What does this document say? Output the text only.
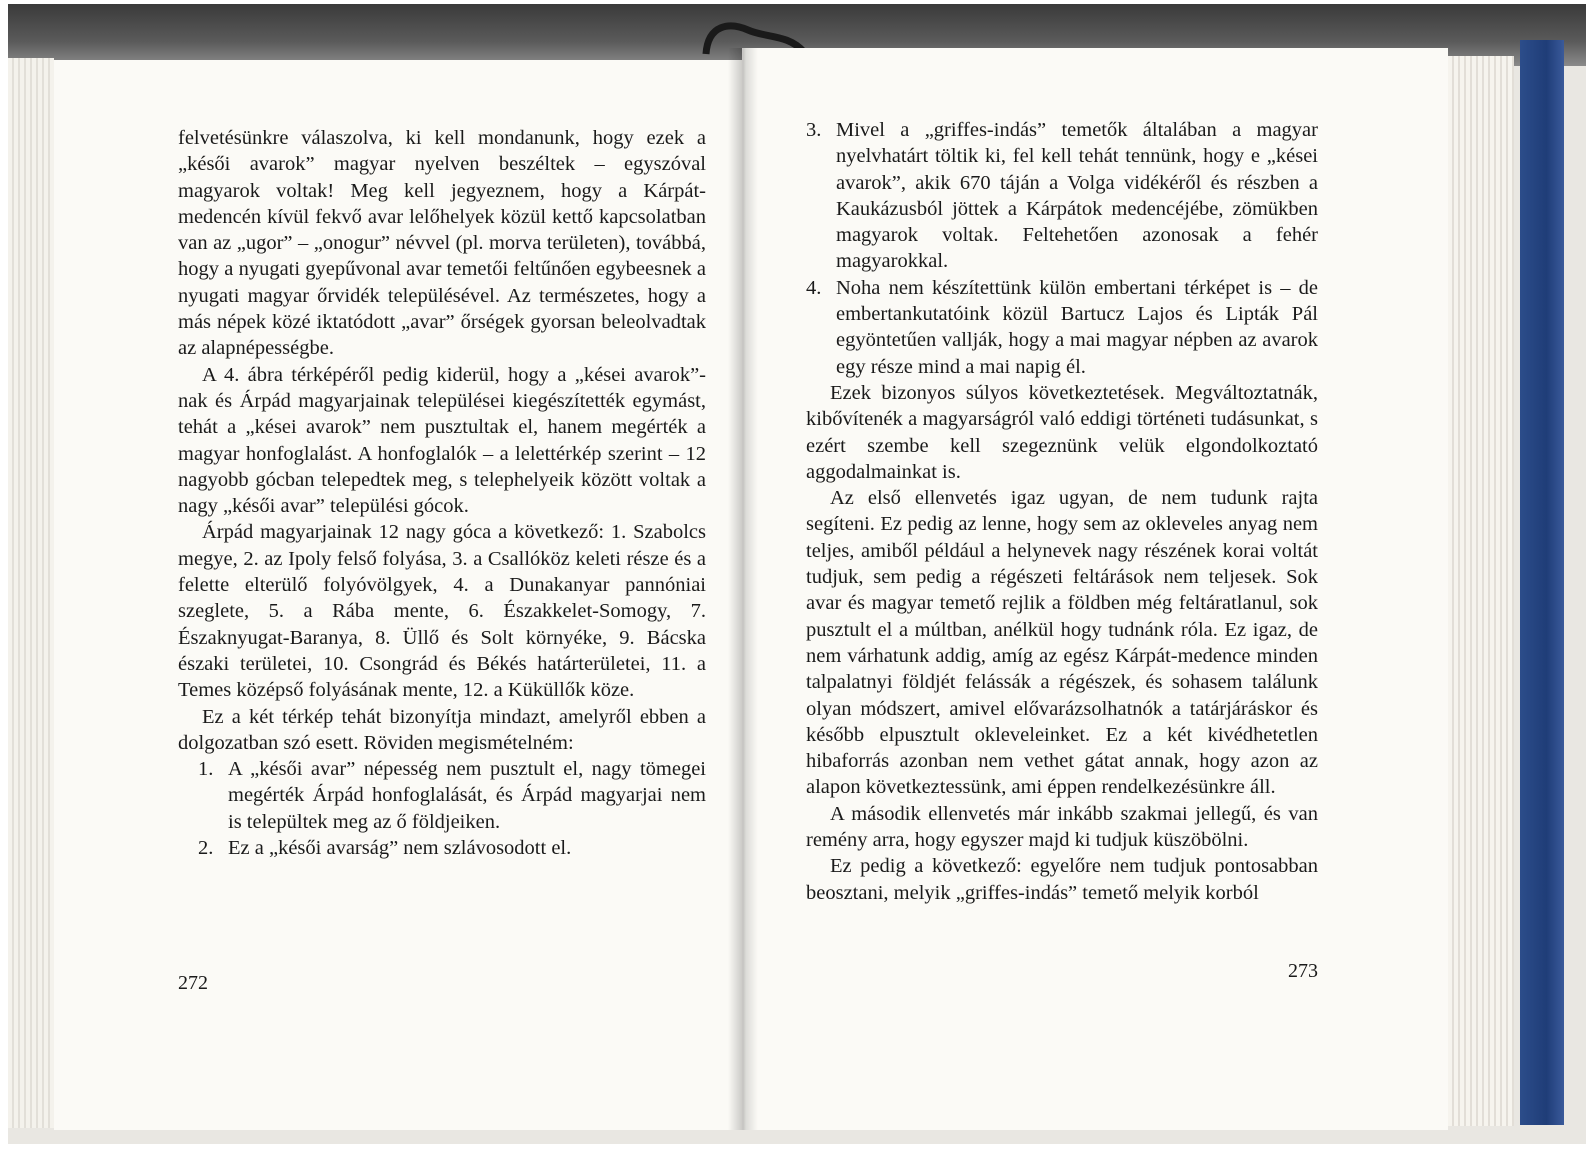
felvetésünkre válaszolva, ki kell mondanunk, hogy ezek a „késői avarok” magyar nyelven beszéltek – egyszóval magyarok voltak! Meg kell jegyeznem, hogy a Kárpát-medencén kívül fekvő avar lelőhelyek közül kettő kapcsolatban van az „ugor” – „onogur” névvel (pl. morva területen), továbbá, hogy a nyugati gyepűvonal avar temetői feltűnően egybeesnek a nyugati magyar őrvidék településével. Az természetes, hogy a más népek közé iktatódott „avar” őrségek gyorsan beleolvadtak az alapnépességbe.

A 4. ábra térképéről pedig kiderül, hogy a „kései avarok”-nak és Árpád magyarjainak települései kiegészítették egymást, tehát a „kései avarok” nem pusztultak el, hanem megérték a magyar honfoglalást. A honfoglalók – a lelettérkép szerint – 12 nagyobb gócban telepedtek meg, s telephelyeik között voltak a nagy „késői avar” települési gócok.

Árpád magyarjainak 12 nagy góca a következő: 1. Szabolcs megye, 2. az Ipoly felső folyása, 3. a Csallóköz keleti része és a felette elterülő folyóvölgyek, 4. a Dunakanyar pannóniai szeglete, 5. a Rába mente, 6. Északkelet-Somogy, 7. Északnyugat-Baranya, 8. Üllő és Solt környéke, 9. Bácska északi területei, 10. Csongrád és Békés határterületei, 11. a Temes középső folyásának mente, 12. a Küküllők köze.

Ez a két térkép tehát bizonyítja mindazt, amelyről ebben a dolgozatban szó esett. Röviden megismételném:

1. A „késői avar” népesség nem pusztult el, nagy tömegei megérték Árpád honfoglalását, és Árpád magyarjai nem is települtek meg az ő földjeiken.
2. Ez a „késői avarság” nem szlávosodott el.
272
3. Mivel a „griffes-indás” temetők általában a magyar nyelvhatárt töltik ki, fel kell tehát tennünk, hogy e „kései avarok”, akik 670 táján a Volga vidékéről és részben a Kaukázusból jöttek a Kárpátok medencéjébe, zömükben magyarok voltak. Feltehetően azonosak a fehér magyarokkal.
4. Noha nem készítettünk külön embertani térképet is – de embertankutatóink közül Bartucz Lajos és Lipták Pál egyöntetűen vallják, hogy a mai magyar népben az avarok egy része mind a mai napig él.

Ezek bizonyos súlyos következtetések. Megváltoztatnák, kibővítenék a magyarságról való eddigi történeti tudásunkat, s ezért szembe kell szegeznünk velük elgondolkoztató aggodalmainkat is.

Az első ellenvetés igaz ugyan, de nem tudunk rajta segíteni. Ez pedig az lenne, hogy sem az okleveles anyag nem teljes, amiből például a helynevek nagy részének korai voltát tudjuk, sem pedig a régészeti feltárások nem teljesek. Sok avar és magyar temető rejlik a földben még feltáratlanul, sok pusztult el a múltban, anélkül hogy tudnánk róla. Ez igaz, de nem várhatunk addig, amíg az egész Kárpát-medence minden talpalatnyi földjét felássák a régészek, és sohasem találunk olyan módszert, amivel elővarázsolhatnók a tatárjáráskor és később elpusztult okleveleinket. Ez a két kivédhetetlen hibaforrás azonban nem vethet gátat annak, hogy azon az alapon következtessünk, ami éppen rendelkezésünkre áll.

A második ellenvetés már inkább szakmai jellegű, és van remény arra, hogy egyszer majd ki tudjuk küszöbölni.

Ez pedig a következő: egyelőre nem tudjuk pontosabban beosztani, melyik „griffes-indás” temető melyik korból

273
